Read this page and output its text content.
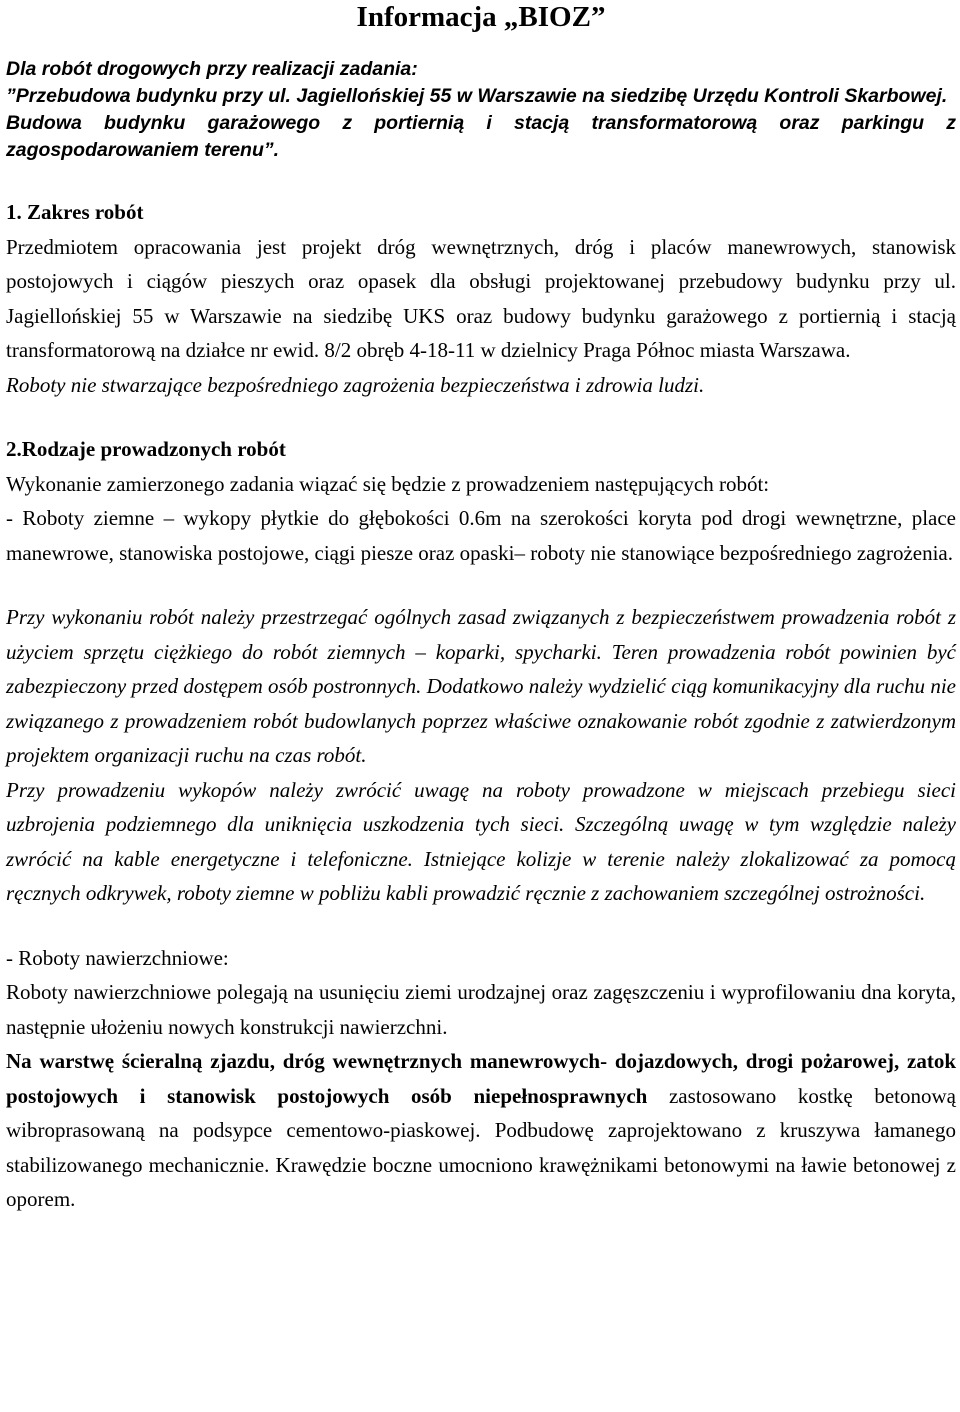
Informacja „BIOZ”
Dla robót drogowych przy realizacji zadania:
”Przebudowa budynku przy ul. Jagiellońskiej 55 w Warszawie na siedzibę Urzędu Kontroli Skarbowej.
Budowa budynku garażowego z portiernią i stacją transformatorową oraz parkingu z zagospodarowaniem terenu”.
1. Zakres robót

Przedmiotem opracowania jest projekt dróg wewnętrznych, dróg i placów manewrowych, stanowisk postojowych i ciągów pieszych oraz opasek dla obsługi projektowanej przebudowy budynku przy ul. Jagiellońskiej 55 w Warszawie na siedzibę UKS oraz budowy budynku garażowego z portiernią i stacją transformatorową na działce nr ewid. 8/2 obręb 4-18-11 w dzielnicy Praga Północ miasta Warszawa.

Roboty nie stwarzające bezpośredniego zagrożenia bezpieczeństwa i zdrowia ludzi.

2.Rodzaje prowadzonych robót

Wykonanie zamierzonego zadania wiązać się będzie z prowadzeniem następujących robót:

- Roboty ziemne – wykopy płytkie do głębokości 0.6m na szerokości koryta pod drogi wewnętrzne, place manewrowe, stanowiska postojowe, ciągi piesze oraz opaski– roboty nie stanowiące bezpośredniego zagrożenia.

Przy wykonaniu robót należy przestrzegać ogólnych zasad związanych z bezpieczeństwem prowadzenia robót z użyciem sprzętu ciężkiego do robót ziemnych – koparki, spycharki. Teren prowadzenia robót powinien być zabezpieczony przed dostępem osób postronnych. Dodatkowo należy wydzielić ciąg komunikacyjny dla ruchu nie związanego z prowadzeniem robót budowlanych poprzez właściwe oznakowanie robót zgodnie z zatwierdzonym projektem organizacji ruchu na czas robót.

Przy prowadzeniu wykopów należy zwrócić uwagę na roboty prowadzone w miejscach przebiegu sieci uzbrojenia podziemnego dla uniknięcia uszkodzenia tych sieci. Szczególną uwagę w tym względzie należy zwrócić na kable energetyczne i telefoniczne. Istniejące kolizje w terenie należy zlokalizować za pomocą ręcznych odkrywek, roboty ziemne w pobliżu kabli prowadzić ręcznie z zachowaniem szczególnej ostrożności.

- Roboty nawierzchniowe:

Roboty nawierzchniowe polegają na usunięciu ziemi urodzajnej oraz zagęszczeniu i wyprofilowaniu dna koryta, następnie ułożeniu nowych konstrukcji nawierzchni.

Na warstwę ścieralną zjazdu, dróg wewnętrznych manewrowych- dojazdowych, drogi pożarowej, zatok postojowych i stanowisk postojowych osób niepełnosprawnych zastosowano kostkę betonową wibroprasowaną na podsypce cementowo-piaskowej. Podbudowę zaprojektowano z kruszywa łamanego stabilizowanego mechanicznie. Krawędzie boczne umocniono krawężnikami betonowymi na ławie betonowej z oporem.
